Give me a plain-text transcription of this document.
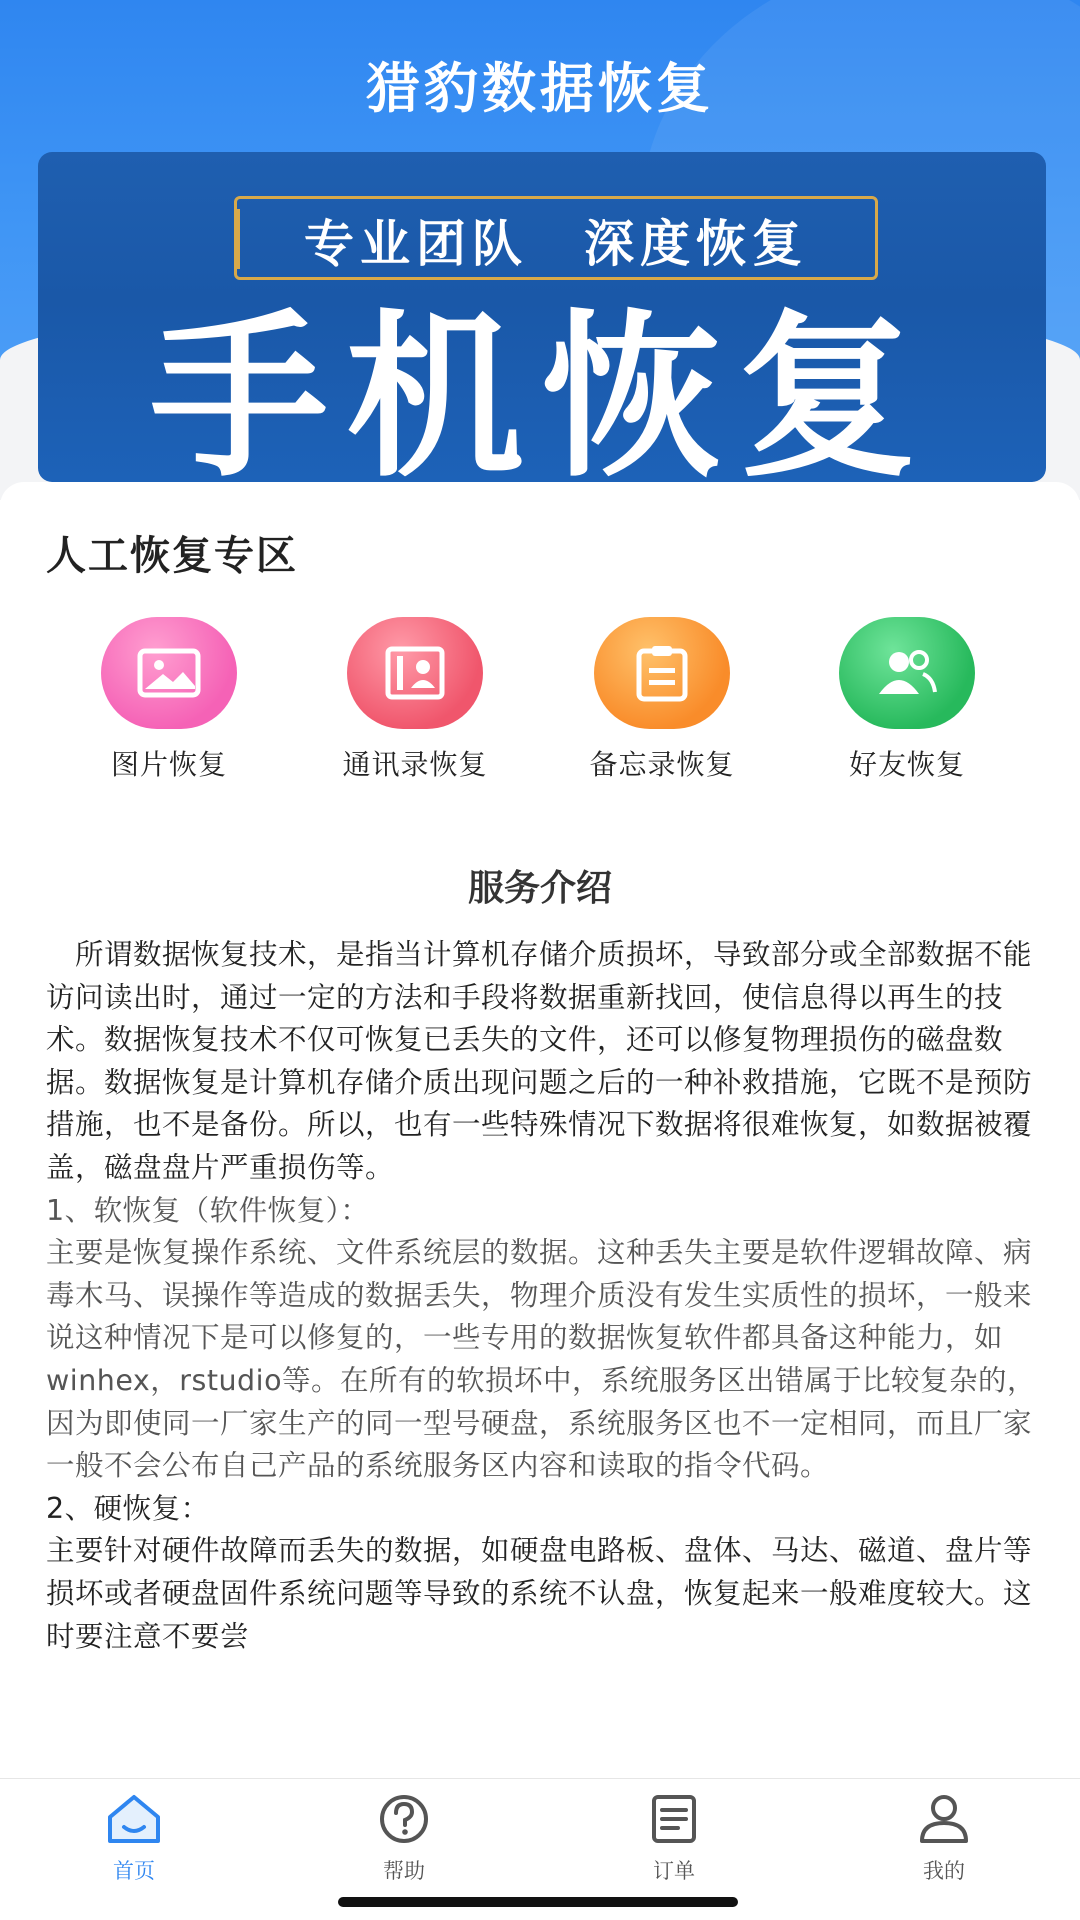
猎豹数据恢复
专业团队　深度恢复
手机恢复
人工恢复专区
图片恢复	通讯录恢复	备忘录恢复	好友恢复
服务介绍

　所谓数据恢复技术，是指当计算机存储介质损坏，导致部分或全部数据不能访问读出时，通过一定的方法和手段将数据重新找回，使信息得以再生的技术。数据恢复技术不仅可恢复已丢失的文件，还可以修复物理损伤的磁盘数据。数据恢复是计算机存储介质出现问题之后的一种补救措施，它既不是预防措施，也不是备份。所以，也有一些特殊情况下数据将很难恢复，如数据被覆盖，磁盘盘片严重损伤等。

1、软恢复（软件恢复）：

主要是恢复操作系统、文件系统层的数据。这种丢失主要是软件逻辑故障、病毒木马、误操作等造成的数据丢失，物理介质没有发生实质性的损坏，一般来说这种情况下是可以修复的，一些专用的数据恢复软件都具备这种能力，如winhex，rstudio等。在所有的软损坏中，系统服务区出错属于比较复杂的，因为即使同一厂家生产的同一型号硬盘，系统服务区也不一定相同，而且厂家一般不会公布自己产品的系统服务区内容和读取的指令代码。

2、硬恢复：

主要针对硬件故障而丢失的数据，如硬盘电路板、盘体、马达、磁道、盘片等损坏或者硬盘固件系统问题等导致的系统不认盘，恢复起来一般难度较大。这时要注意不要尝

首页	帮助	订单	我的
